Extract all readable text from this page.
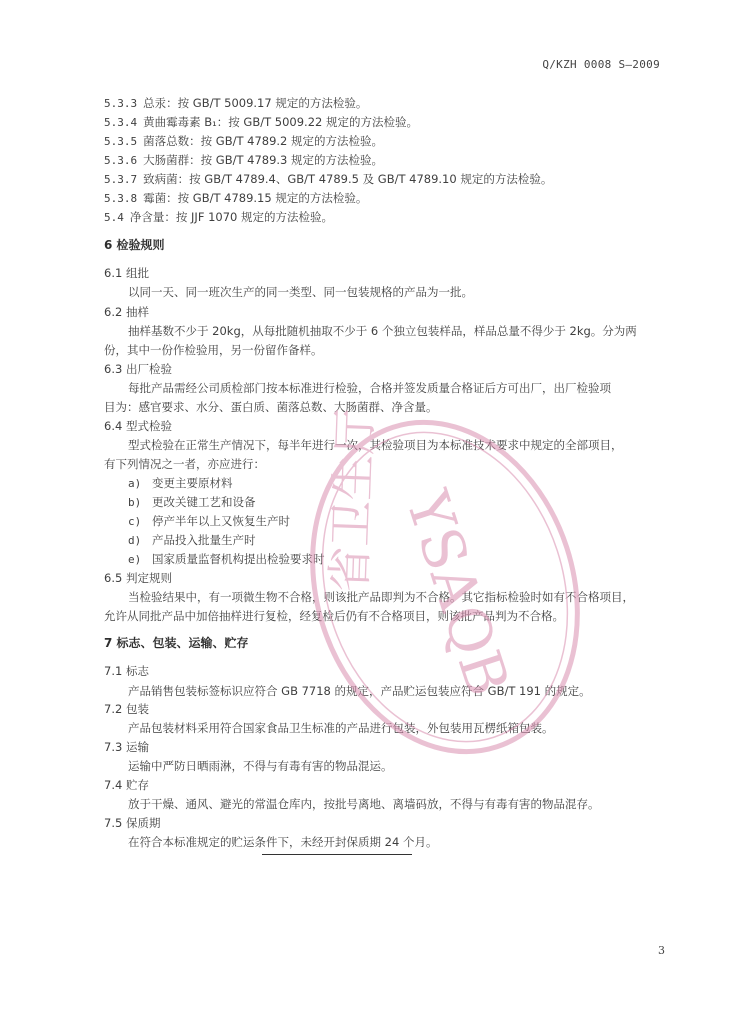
Q/KZH 0008 S—2009
5.3.3 总汞：按 GB/T 5009.17 规定的方法检验。
5.3.4 黄曲霉毒素 B₁：按 GB/T 5009.22 规定的方法检验。
5.3.5 菌落总数：按 GB/T 4789.2 规定的方法检验。
5.3.6 大肠菌群：按 GB/T 4789.3 规定的方法检验。
5.3.7 致病菌：按 GB/T 4789.4、GB/T 4789.5 及 GB/T 4789.10 规定的方法检验。
5.3.8 霉菌：按 GB/T 4789.15 规定的方法检验。
5.4 净含量：按 JJF 1070 规定的方法检验。
6 检验规则
6.1 组批
以同一天、同一班次生产的同一类型、同一包装规格的产品为一批。
6.2 抽样
抽样基数不少于 20kg，从每批随机抽取不少于 6 个独立包装样品，样品总量不得少于 2kg。分为两
份，其中一份作检验用，另一份留作备样。
6.3 出厂检验
每批产品需经公司质检部门按本标准进行检验，合格并签发质量合格证后方可出厂，出厂检验项
目为：感官要求、水分、蛋白质、菌落总数、大肠菌群、净含量。
6.4 型式检验
型式检验在正常生产情况下，每半年进行一次，其检验项目为本标准技术要求中规定的全部项目，
有下列情况之一者，亦应进行：
a) 变更主要原材料
b) 更改关键工艺和设备
c) 停产半年以上又恢复生产时
d) 产品投入批量生产时
e) 国家质量监督机构提出检验要求时
6.5 判定规则
当检验结果中，有一项微生物不合格，则该批产品即判为不合格。其它指标检验时如有不合格项目，
允许从同批产品中加倍抽样进行复检，经复检后仍有不合格项目，则该批产品判为不合格。
7 标志、包装、运输、贮存
7.1 标志
产品销售包装标签标识应符合 GB 7718 的规定，产品贮运包装应符合 GB/T 191 的规定。
7.2 包装
产品包装材料采用符合国家食品卫生标准的产品进行包装，外包装用瓦楞纸箱包装。
7.3 运输
运输中严防日晒雨淋，不得与有毒有害的物品混运。
7.4 贮存
放于干燥、通风、避光的常温仓库内，按批号离地、离墙码放，不得与有毒有害的物品混存。
7.5 保质期
在符合本标准规定的贮运条件下，未经开封保质期 24 个月。
3
省卫生厅 YSAQB
